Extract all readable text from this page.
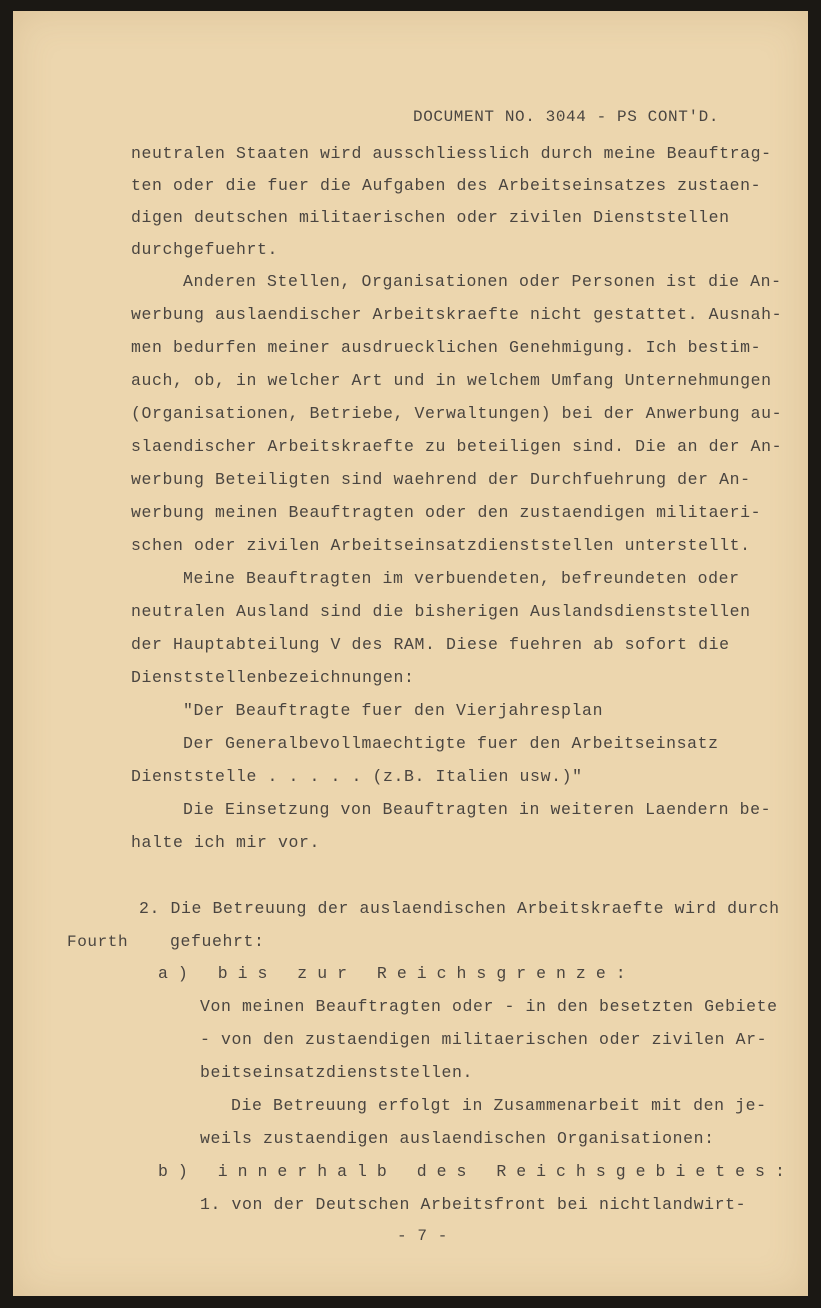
DOCUMENT NO. 3044 - PS CONT'D.
neutralen Staaten wird ausschliesslich durch meine Beauftrag-
ten oder die fuer die Aufgaben des Arbeitseinsatzes zustaen-
digen deutschen militaerischen oder zivilen Dienststellen
durchgefuehrt.
Anderen Stellen, Organisationen oder Personen ist die An-
werbung auslaendischer Arbeitskraefte nicht gestattet. Ausnah-
men bedurfen meiner ausdruecklichen Genehmigung. Ich bestim-
auch, ob, in welcher Art und in welchem Umfang Unternehmungen
(Organisationen, Betriebe, Verwaltungen) bei der Anwerbung au-
slaendischer Arbeitskraefte zu beteiligen sind. Die an der An-
werbung Beteiligten sind waehrend der Durchfuehrung der An-
werbung meinen Beauftragten oder den zustaendigen militaeri-
schen oder zivilen Arbeitseinsatzdienststellen unterstellt.
Meine Beauftragten im verbuendeten, befreundeten oder
neutralen Ausland sind die bisherigen Auslandsdienststellen
der Hauptabteilung V des RAM. Diese fuehren ab sofort die
Dienststellenbezeichnungen:
"Der Beauftragte fuer den Vierjahresplan
Der Generalbevollmaechtigte fuer den Arbeitseinsatz
Dienststelle . . . . . (z.B. Italien usw.)"
Die Einsetzung von Beauftragten in weiteren Laendern be-
halte ich mir vor.
2. Die Betreuung der auslaendischen Arbeitskraefte wird durch
Fourth	gefuehrt:
a) bis zur Reichsgrenze:
Von meinen Beauftragten oder - in den besetzten Gebiete
- von den zustaendigen militaerischen oder zivilen Ar-
beitseinsatzdienststellen.
Die Betreuung erfolgt in Zusammenarbeit mit den je-
weils zustaendigen auslaendischen Organisationen:
b) innerhalb des Reichsgebietes:
1. von der Deutschen Arbeitsfront bei nichtlandwirt-
- 7 -
